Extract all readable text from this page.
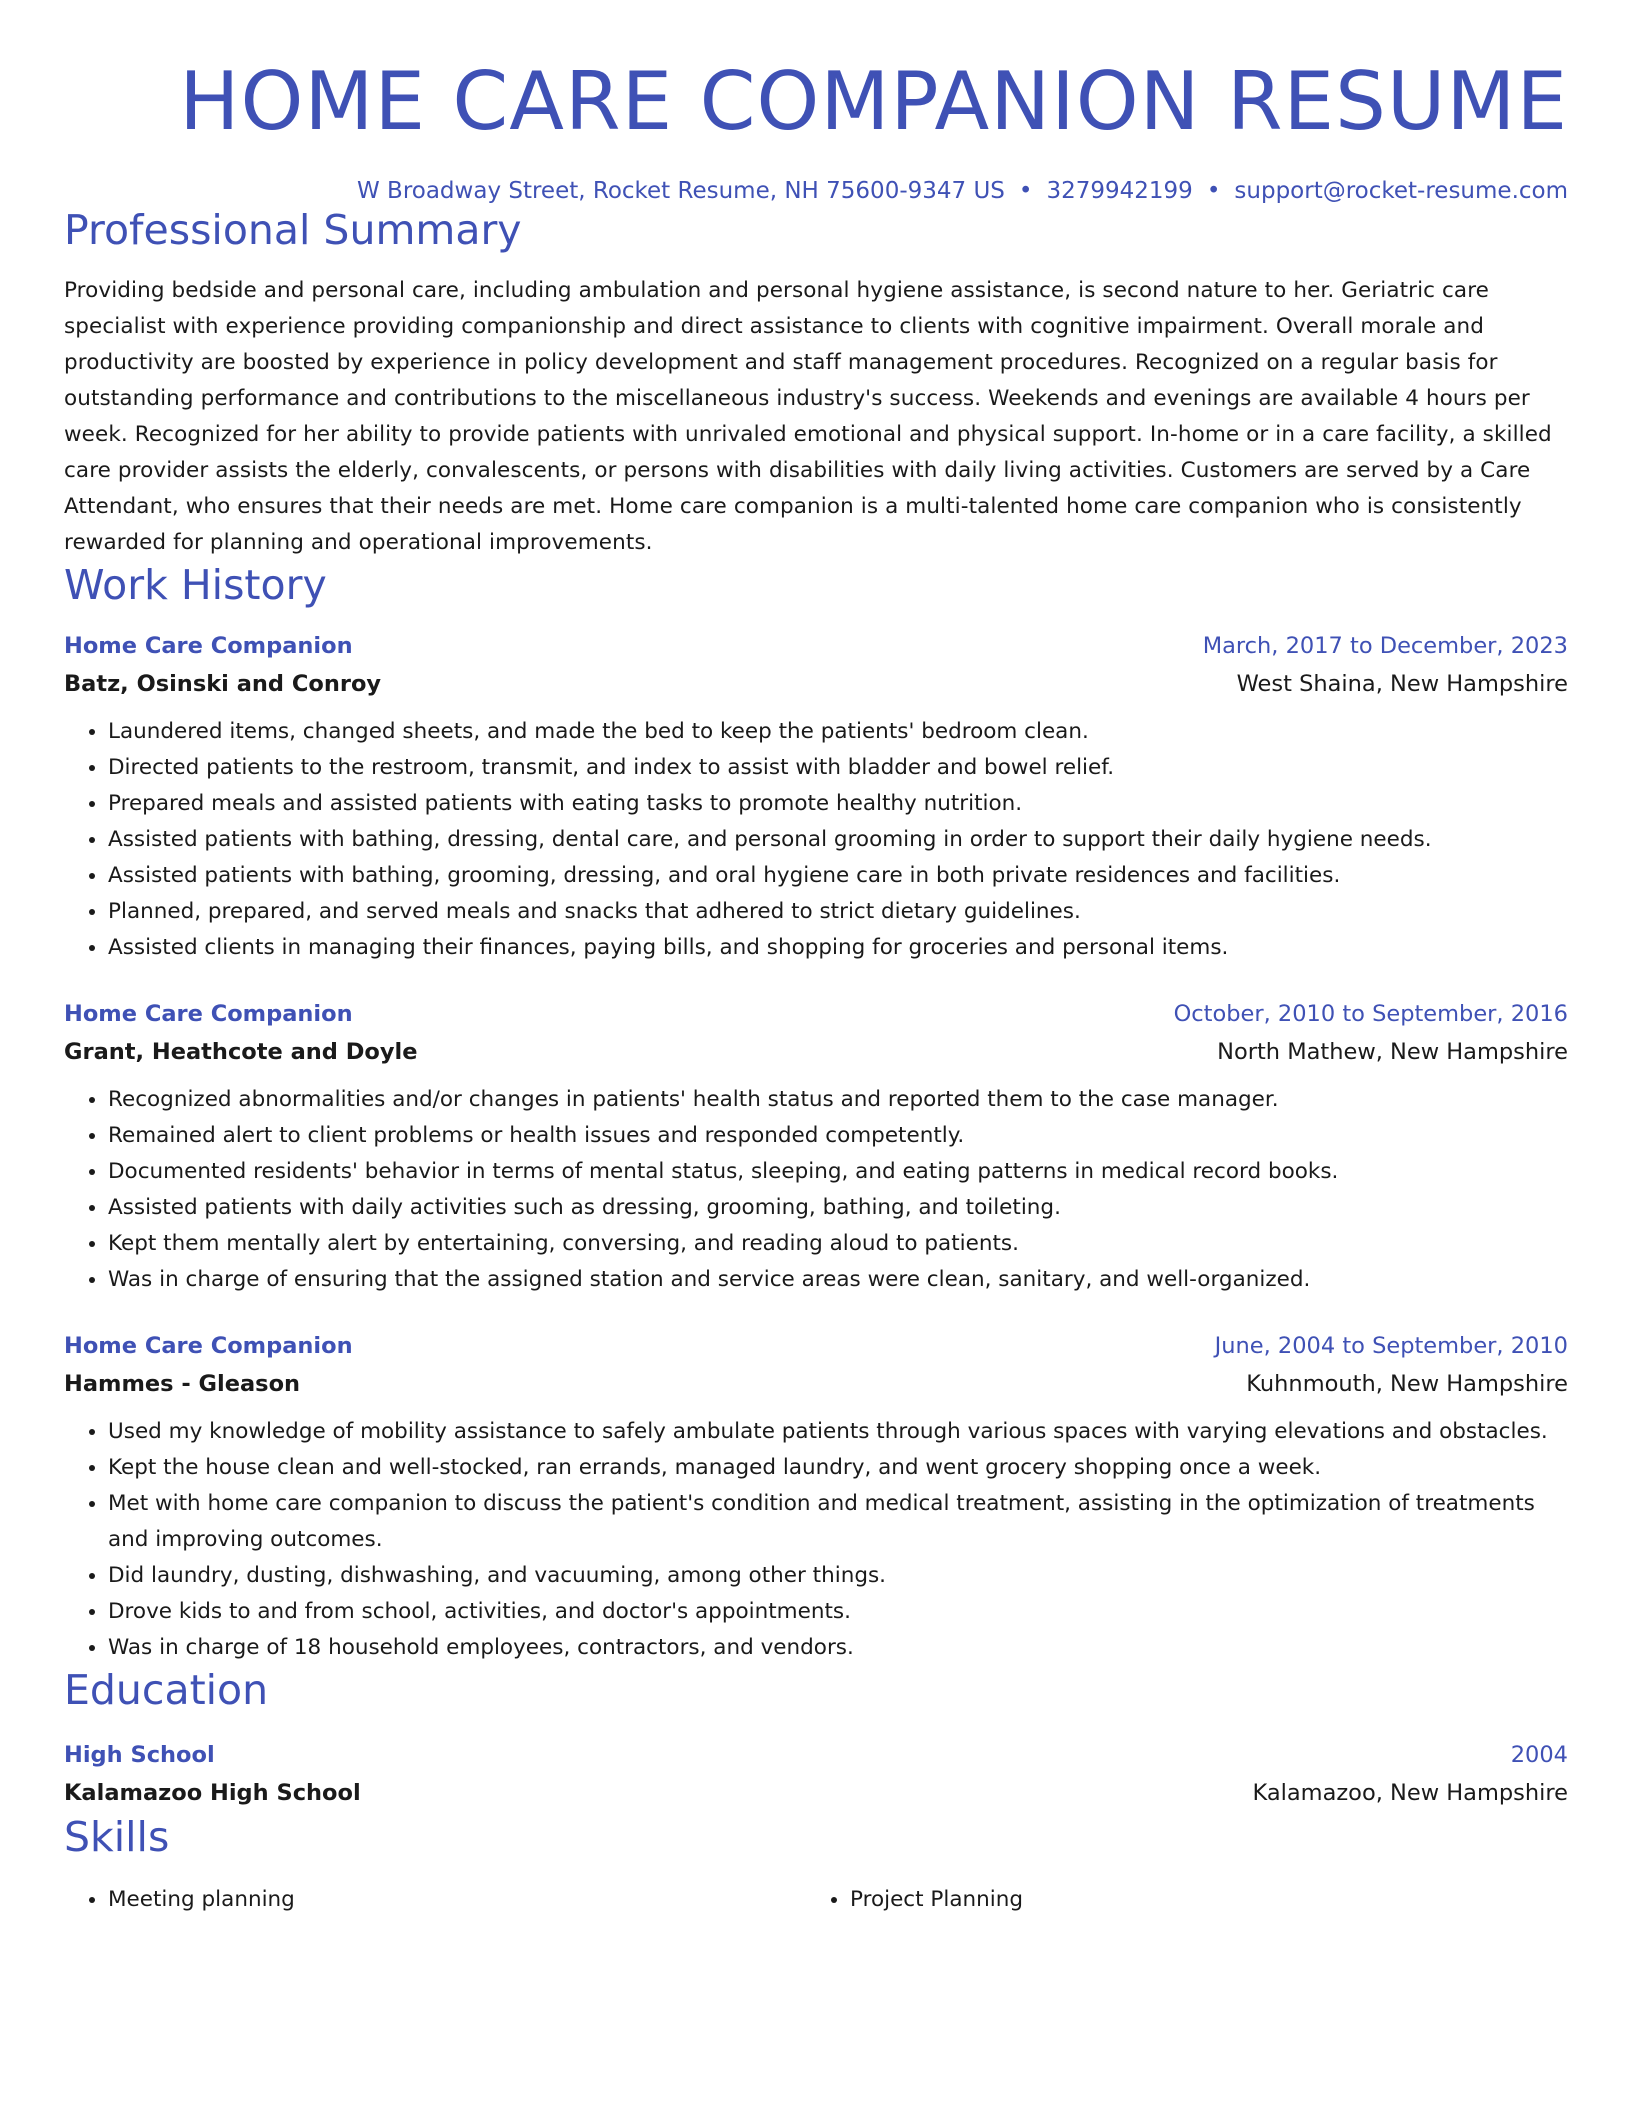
HOME CARE COMPANION RESUME
W Broadway Street, Rocket Resume, NH 75600-9347 US • 3279942199 • support@rocket-resume.com
Professional Summary
Providing bedside and personal care, including ambulation and personal hygiene assistance, is second nature to her. Geriatric care specialist with experience providing companionship and direct assistance to clients with cognitive impairment. Overall morale and productivity are boosted by experience in policy development and staff management procedures. Recognized on a regular basis for outstanding performance and contributions to the miscellaneous industry's success. Weekends and evenings are available 4 hours per week. Recognized for her ability to provide patients with unrivaled emotional and physical support. In-home or in a care facility, a skilled care provider assists the elderly, convalescents, or persons with disabilities with daily living activities. Customers are served by a Care Attendant, who ensures that their needs are met. Home care companion is a multi-talented home care companion who is consistently rewarded for planning and operational improvements.
Work History
Home Care Companion	March, 2017 to December, 2023
Batz, Osinski and Conroy	West Shaina, New Hampshire
• Laundered items, changed sheets, and made the bed to keep the patients' bedroom clean.
• Directed patients to the restroom, transmit, and index to assist with bladder and bowel relief.
• Prepared meals and assisted patients with eating tasks to promote healthy nutrition.
• Assisted patients with bathing, dressing, dental care, and personal grooming in order to support their daily hygiene needs.
• Assisted patients with bathing, grooming, dressing, and oral hygiene care in both private residences and facilities.
• Planned, prepared, and served meals and snacks that adhered to strict dietary guidelines.
• Assisted clients in managing their finances, paying bills, and shopping for groceries and personal items.
Home Care Companion	October, 2010 to September, 2016
Grant, Heathcote and Doyle	North Mathew, New Hampshire
• Recognized abnormalities and/or changes in patients' health status and reported them to the case manager.
• Remained alert to client problems or health issues and responded competently.
• Documented residents' behavior in terms of mental status, sleeping, and eating patterns in medical record books.
• Assisted patients with daily activities such as dressing, grooming, bathing, and toileting.
• Kept them mentally alert by entertaining, conversing, and reading aloud to patients.
• Was in charge of ensuring that the assigned station and service areas were clean, sanitary, and well-organized.
Home Care Companion	June, 2004 to September, 2010
Hammes - Gleason	Kuhnmouth, New Hampshire
• Used my knowledge of mobility assistance to safely ambulate patients through various spaces with varying elevations and obstacles.
• Kept the house clean and well-stocked, ran errands, managed laundry, and went grocery shopping once a week.
• Met with home care companion to discuss the patient's condition and medical treatment, assisting in the optimization of treatments and improving outcomes.
• Did laundry, dusting, dishwashing, and vacuuming, among other things.
• Drove kids to and from school, activities, and doctor's appointments.
• Was in charge of 18 household employees, contractors, and vendors.
Education
High School	2004
Kalamazoo High School	Kalamazoo, New Hampshire
Skills
• Meeting planning
•	Project Planning
